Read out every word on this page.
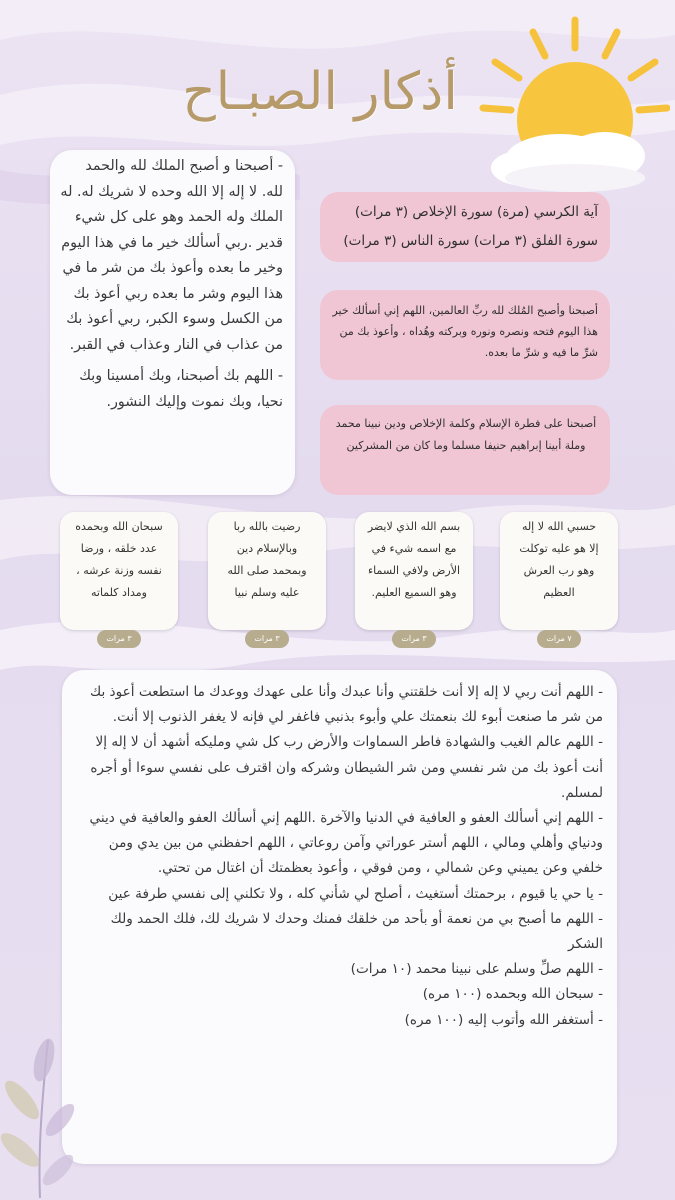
أذكار الصبـاح

- أصبحنا و أصبح الملك لله والحمد لله. لا إله إلا الله وحده لا شريك له. له الملك وله الحمد وهو على كل شيء قدير .ربي أسألك خير ما في هذا اليوم وخير ما بعده وأعوذ بك من شر ما في هذا اليوم وشر ما بعده ربي أعوذ بك من الكسل وسوء الكبر، ربي أعوذ بك من عذاب في النار وعذاب في القبر.

- اللهم بك أصبحنا، وبك أمسينا وبك نحيا، وبك نموت وإليك النشور.

آية الكرسي (مرة) سورة الإخلاص (٣ مرات)
سورة الفلق (٣ مرات) سورة الناس (٣ مرات)
أصبحنا وأصبح المُلك لله ربِّ العالمين، اللهم إني أسألك خير هذا اليوم فتحه ونصره ونوره وبركته وهُداه ، وأعوذ بك من شرِّ ما فيه و شرِّ ما بعده.
أصبحنا على فطرة الإسلام وكلمة الإخلاص ودين نبينا محمد وملة أبينا إبراهيم حنيفا مسلما وما كان من المشركين
حسبي الله لا إله
إلا هو عليه توكلت
وهو رب العرش
العظيم
٧ مرات
بسم الله الذي لايضر
مع اسمه شيء في
الأرض ولافي السماء
وهو السميع العليم.
٣ مرات
رضيت بالله ربا
وبالإسلام دين
وبمحمد صلى الله
عليه وسلم نبيا
٣ مرات
سبحان الله وبحمده
عدد خلقه ، ورضا
نفسه وزنة عرشه ،
ومداد كلماته
٣ مرات

- اللهم أنت ربي لا إله إلا أنت خلقتني وأنا عبدك وأنا على عهدك ووعدك ما استطعت أعوذ بك من شر ما صنعت أبوء لك بنعمتك علي وأبوء بذنبي فاغفر لي فإنه لا يغفر الذنوب إلا أنت.

- اللهم عالم الغيب والشهادة فاطر السماوات والأرض رب كل شي ومليكه أشهد أن لا إله إلا أنت أعوذ بك من شر نفسي ومن شر الشيطان وشركه وان اقترف على نفسي سوءا أو أجره لمسلم.

- اللهم إني أسألك العفو و العافية في الدنيا والآخرة .اللهم إني أسألك العفو والعافية في ديني ودنياي وأهلي ومالي ، اللهم أستر عوراتي وآمن روعاتي ، اللهم احفظني من بين يدي ومن خلفي وعن يميني وعن شمالي ، ومن فوقي ، وأعوذ بعظمتك أن اغتال من تحتي.

- يا حي يا قيوم ، برحمتك أستغيث ، أصلح لي شأني كله ، ولا تكلني إلى نفسي طرفة عين

- اللهم ما أصبح بي من نعمة أو بأحد من خلقك فمنك وحدك لا شريك لك، فلك الحمد ولك الشكر

- اللهم صلِّ وسلم على نبينا محمد (١٠ مرات)

- سبحان الله وبحمده (١٠٠ مره)

- أستغفر الله وأتوب إليه (١٠٠ مره)
